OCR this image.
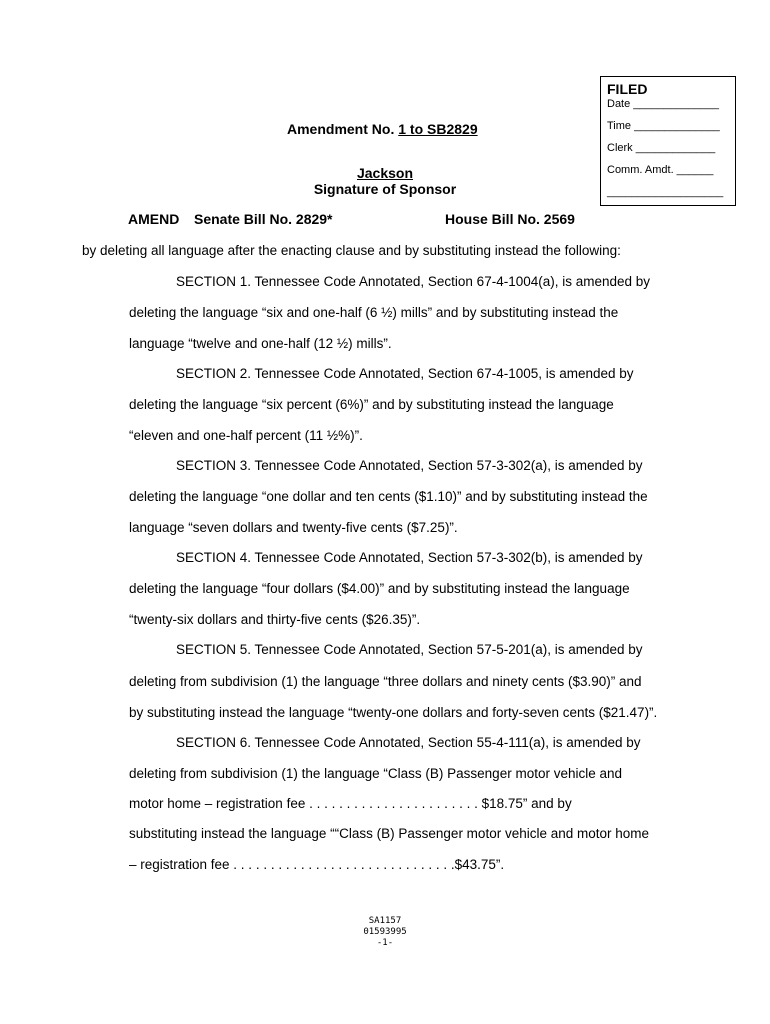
FILED
Date ______________
Time ______________
Clerk _____________
Comm. Amdt. ______
___________________
Amendment No. 1 to SB2829
Jackson
Signature of Sponsor
AMEND Senate Bill No. 2829*	House Bill No. 2569
by deleting all language after the enacting clause and by substituting instead the following:
SECTION 1. Tennessee Code Annotated, Section 67-4-1004(a), is amended by
deleting the language “six and one-half (6 ½) mills” and by substituting instead the
language “twelve and one-half (12 ½) mills”.
SECTION 2. Tennessee Code Annotated, Section 67-4-1005, is amended by
deleting the language “six percent (6%)” and by substituting instead the language
“eleven and one-half percent (11 ½%)”.
SECTION 3. Tennessee Code Annotated, Section 57-3-302(a), is amended by
deleting the language “one dollar and ten cents ($1.10)” and by substituting instead the
language “seven dollars and twenty-five cents ($7.25)”.
SECTION 4. Tennessee Code Annotated, Section 57-3-302(b), is amended by
deleting the language “four dollars ($4.00)” and by substituting instead the language
“twenty-six dollars and thirty-five cents ($26.35)”.
SECTION 5. Tennessee Code Annotated, Section 57-5-201(a), is amended by
deleting from subdivision (1) the language “three dollars and ninety cents ($3.90)” and
by substituting instead the language “twenty-one dollars and forty-seven cents ($21.47)”.
SECTION 6. Tennessee Code Annotated, Section 55-4-111(a), is amended by
deleting from subdivision (1) the language “Class (B) Passenger motor vehicle and
motor home – registration fee . . . . . . . . . . . . . . . . . . . . . . . $18.75” and by
substituting instead the language ““Class (B) Passenger motor vehicle and motor home
– registration fee . . . . . . . . . . . . . . . . . . . . . . . . . . . . . .$43.75”.
SA1157
01593995
-1-
